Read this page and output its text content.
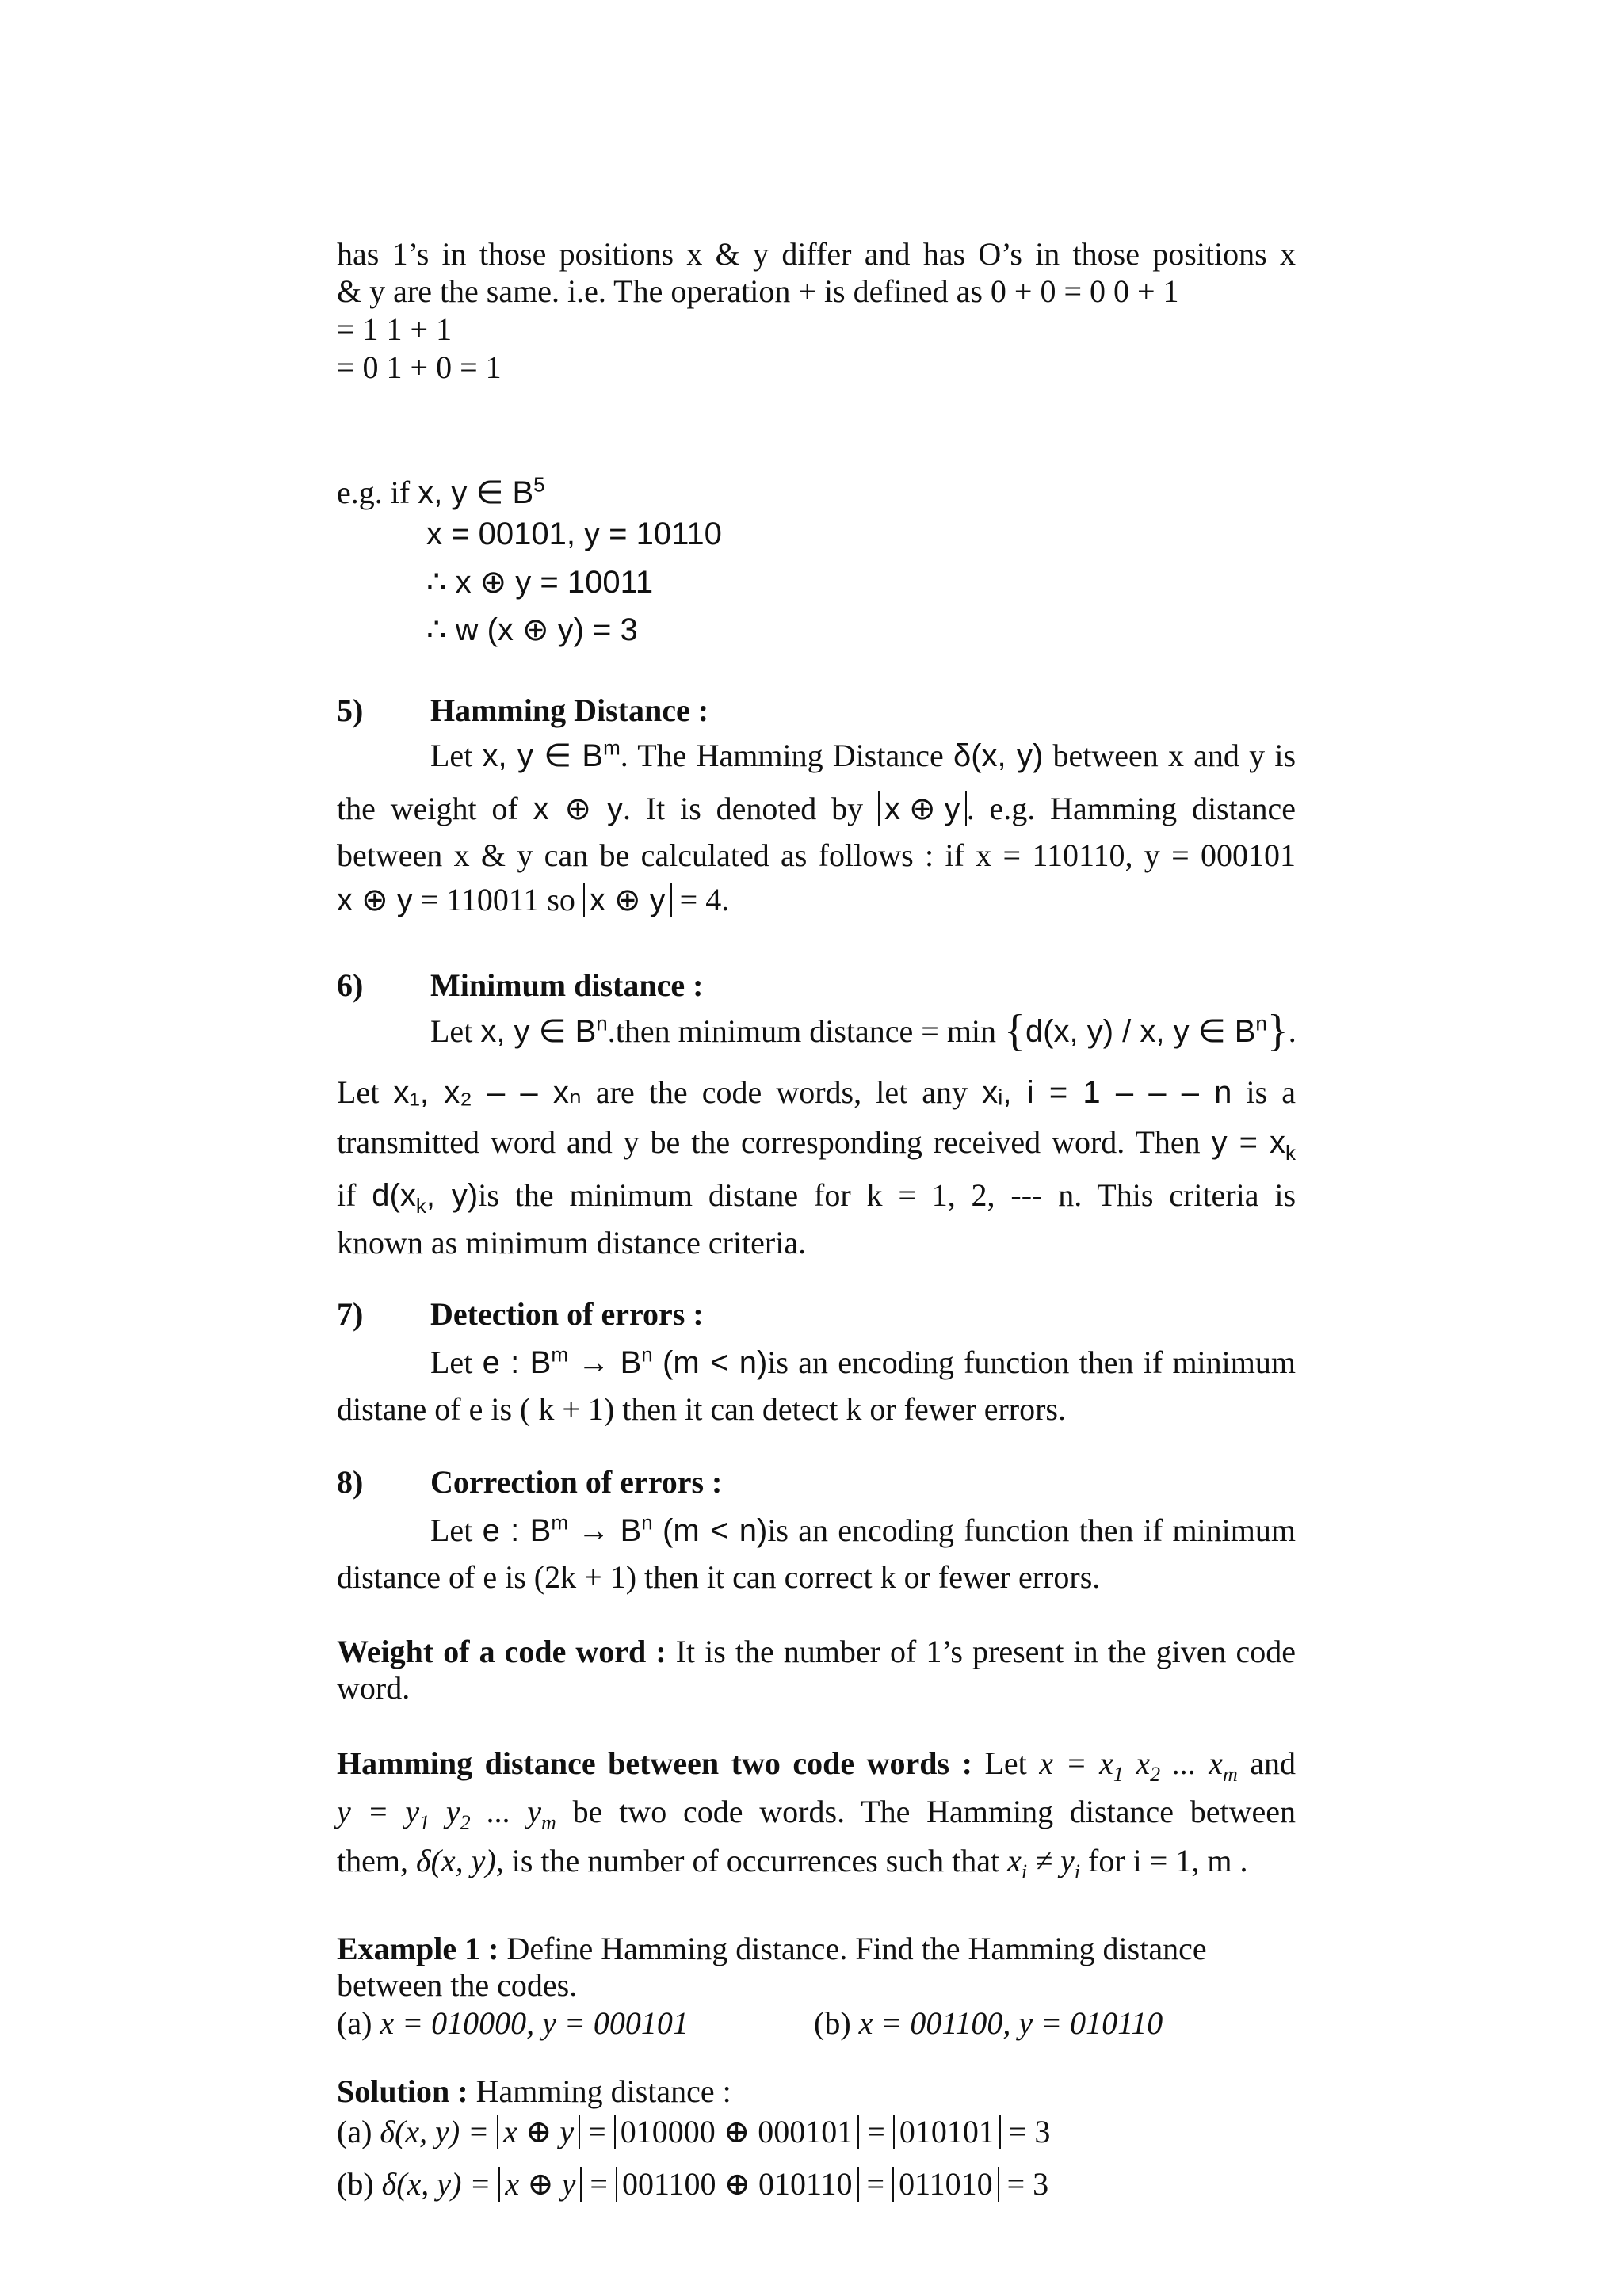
has 1’s in those positions x & y differ and has O’s in those positions x
& y are the same. i.e. The operation + is defined as 0 + 0 = 0 0 + 1
= 1 1 + 1
= 0 1 + 0 = 1
e.g. if x, y ∈ $B^5$
x = 00101, y = 10110
∴ x ⊕ y = 10011
∴ w (x ⊕ y) = 3
5) Hamming Distance :
Let x, y ∈ $B^m$. The Hamming Distance δ(x, y) between x and y is
the weight of x ⊕ y. It is denoted by x ⊕ y . e.g. Hamming distance
between x & y can be calculated as follows : if x = 110110, y = 000101
x ⊕ y = 110011 so x ⊕ y = 4.
6) Minimum distance :
Let x, y ∈ $B^n.then$ minimum distance = min {d(x, y) / x, y ∈ $B^n$}.
Let x₁, x₂ – – xₙ are the code words, let any xᵢ, i = 1 – – – n is a
transmitted word and y be the corresponding received word. Then $y = x_k$
if $d(x_k$, y)is the minimum distane for k = 1, 2, --- n. This criteria is
known as minimum distance criteria.
7) Detection of errors :
Let e : $B^m \to B^n$ (m < n)is an encoding function then if minimum
distane of e is ( k + 1) then it can detect k or fewer errors.
8) Correction of errors :
Let e : $B^m \to B^n$ (m < n)is an encoding function then if minimum
distance of e is (2k + 1) then it can correct k or fewer errors.
Weight of a code word : It is the number of 1’s present in the given code
word.
Hamming distance between two code words : Let $x = x_1$ $x_2$ ... $x_m$ and
$y = y_1$ $y_2$ ... $y_m$ be two code words. The Hamming distance between
them, δ(x, y), is the number of occurrences such that $x_i \ne y_i$ for i = 1, m .
Example 1 : Define Hamming distance. Find the Hamming distance
between the codes.
(a) x = 010000, y = 000101	(b) x = 001100, y = 010110
Solution : Hamming distance :
(a) δ(x, y) = x ⊕ y = 010000 ⊕ 000101 = 010101 = 3
(b) δ(x, y) = x ⊕ y = 001100 ⊕ 010110 = 011010 = 3
